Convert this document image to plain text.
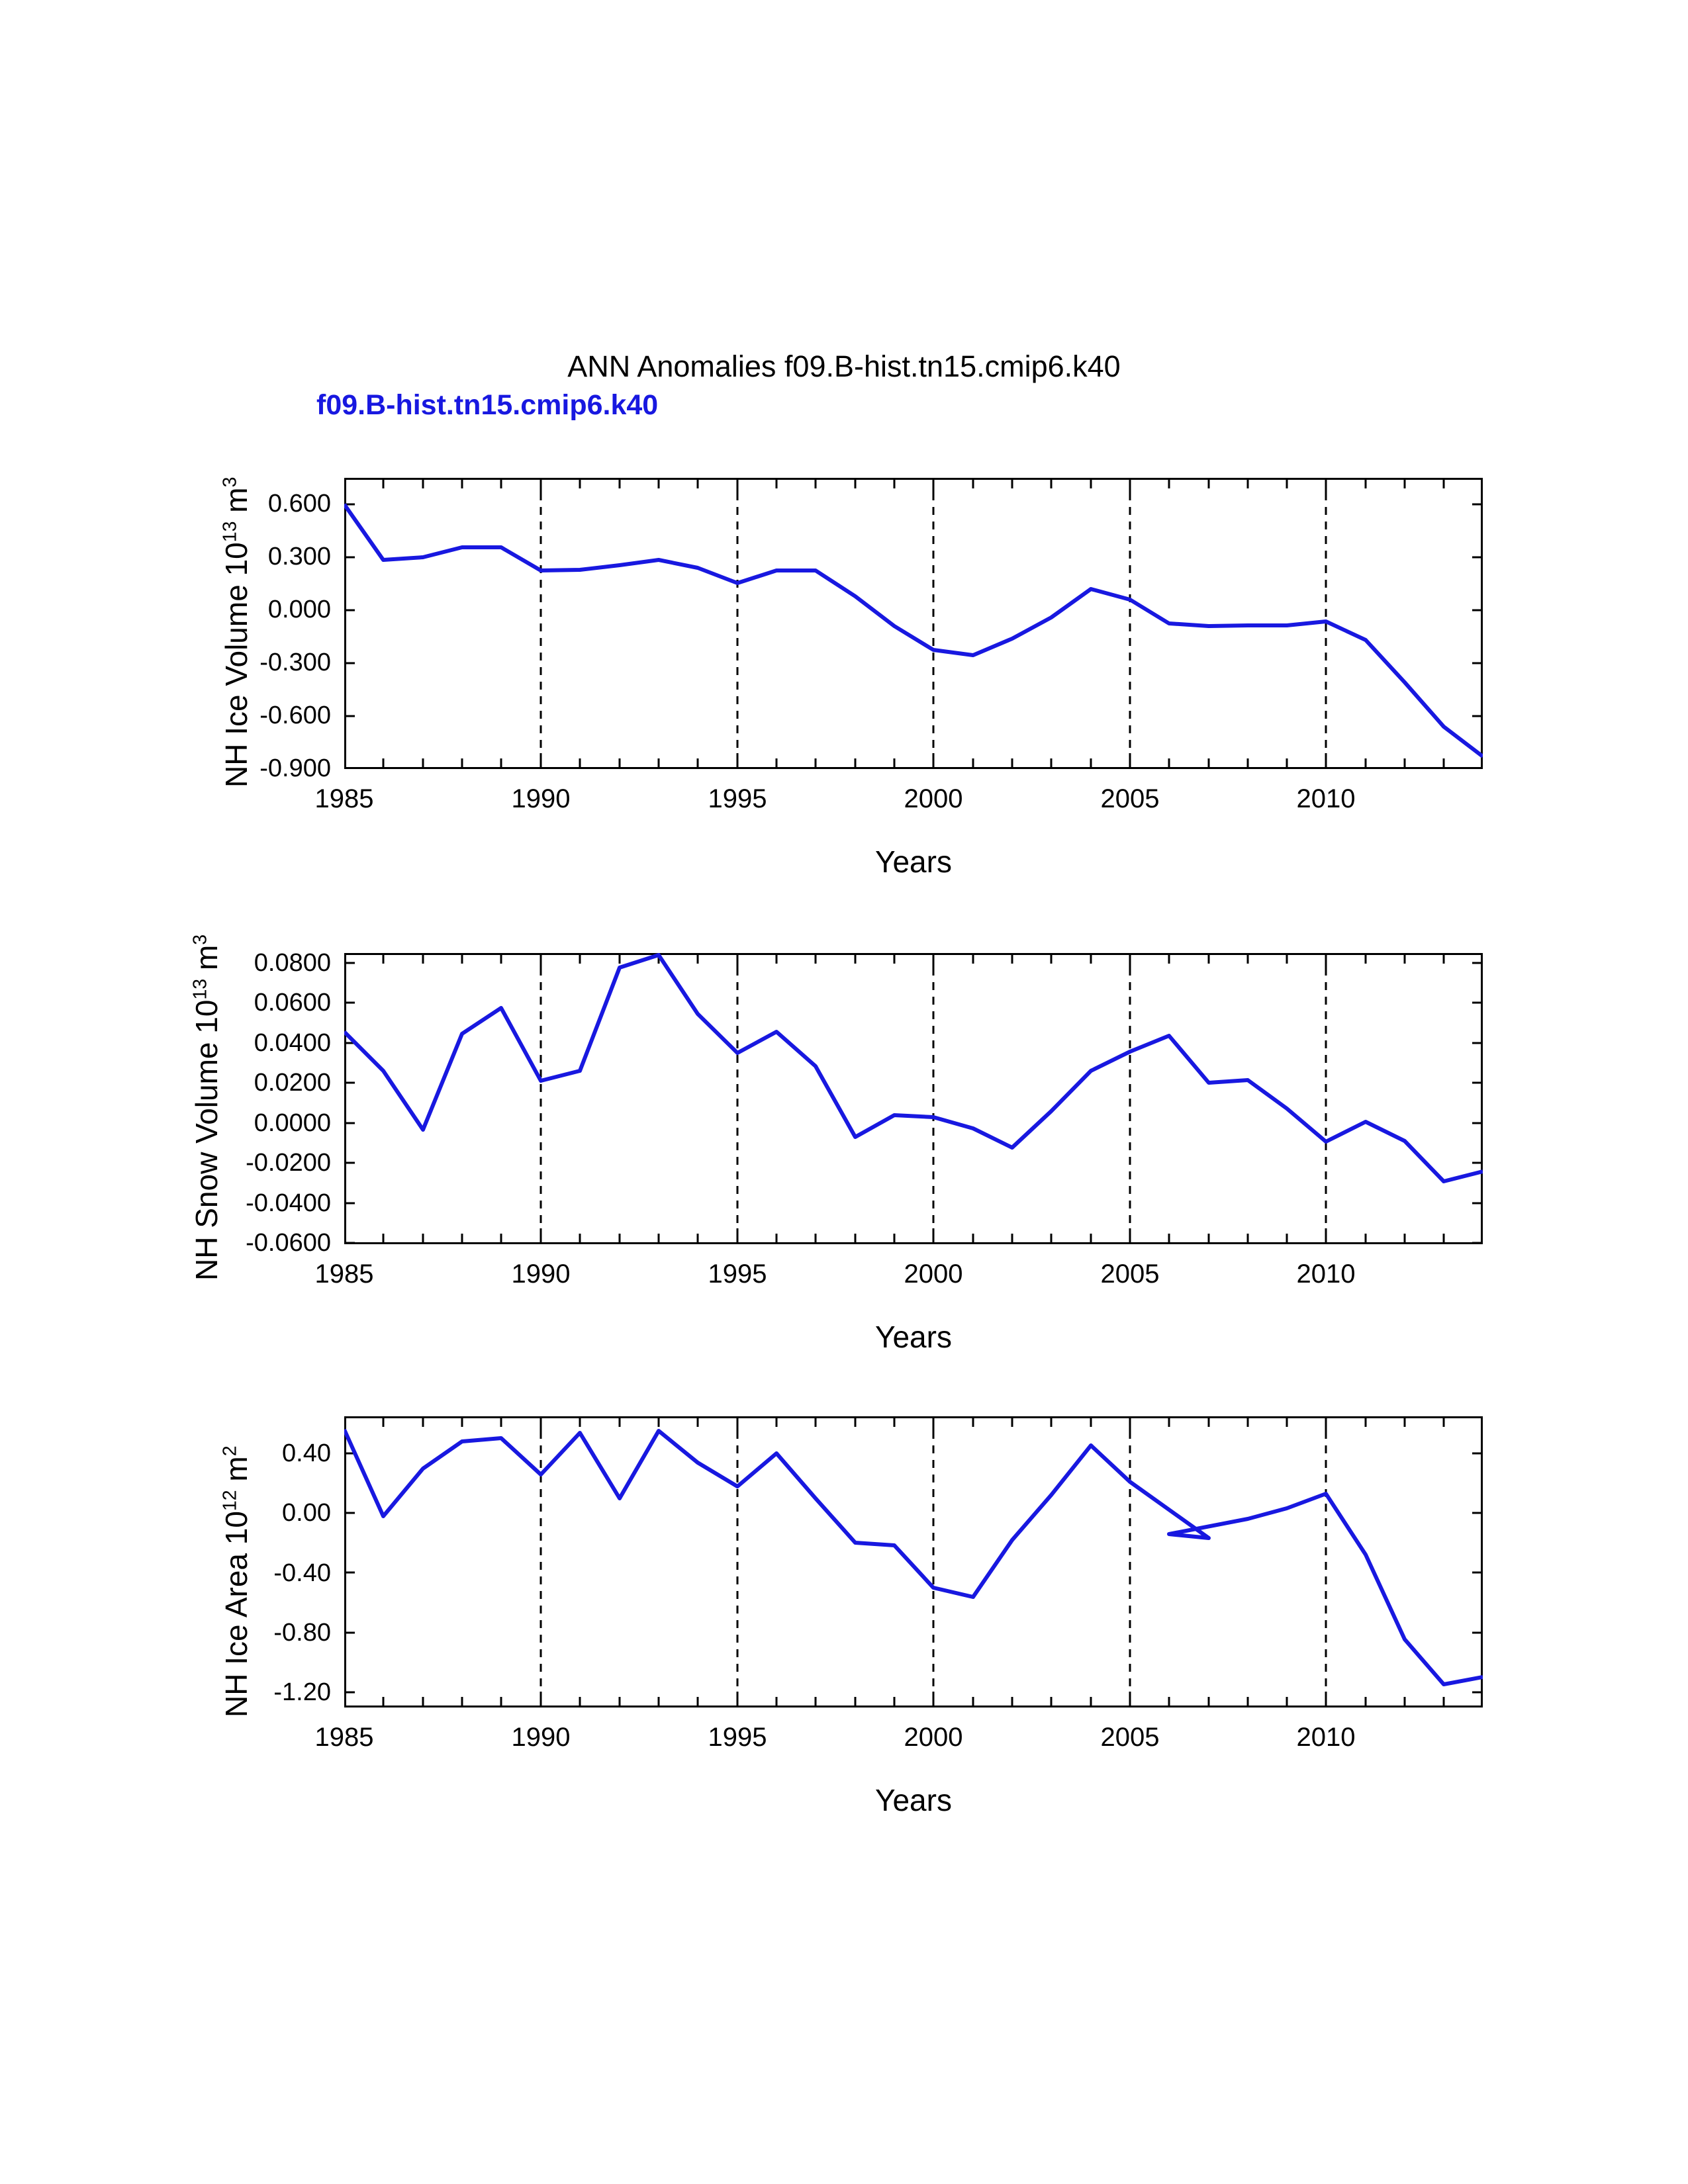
ANN Anomalies f09.B-hist.tn15.cmip6.k40
f09.B-hist.tn15.cmip6.k40
0.600
0.300
0.000
-0.300
-0.600
-0.900
1985	1990	1995	2000	2005	2010
Years
NH Ice Volume $10^{13}$ $m^3$
0.0800
0.0600
0.0400
0.0200
0.0000
-0.0200
-0.0400
-0.0600
1985	1990	1995	2000	2005	2010
Years
NH Snow Volume $10^{13}$ $m^3$
0.40
0.00
-0.40
-0.80
-1.20
1985	1990	1995	2000	2005	2010
Years
NH Ice Area $10^{12}$ $m^2$
